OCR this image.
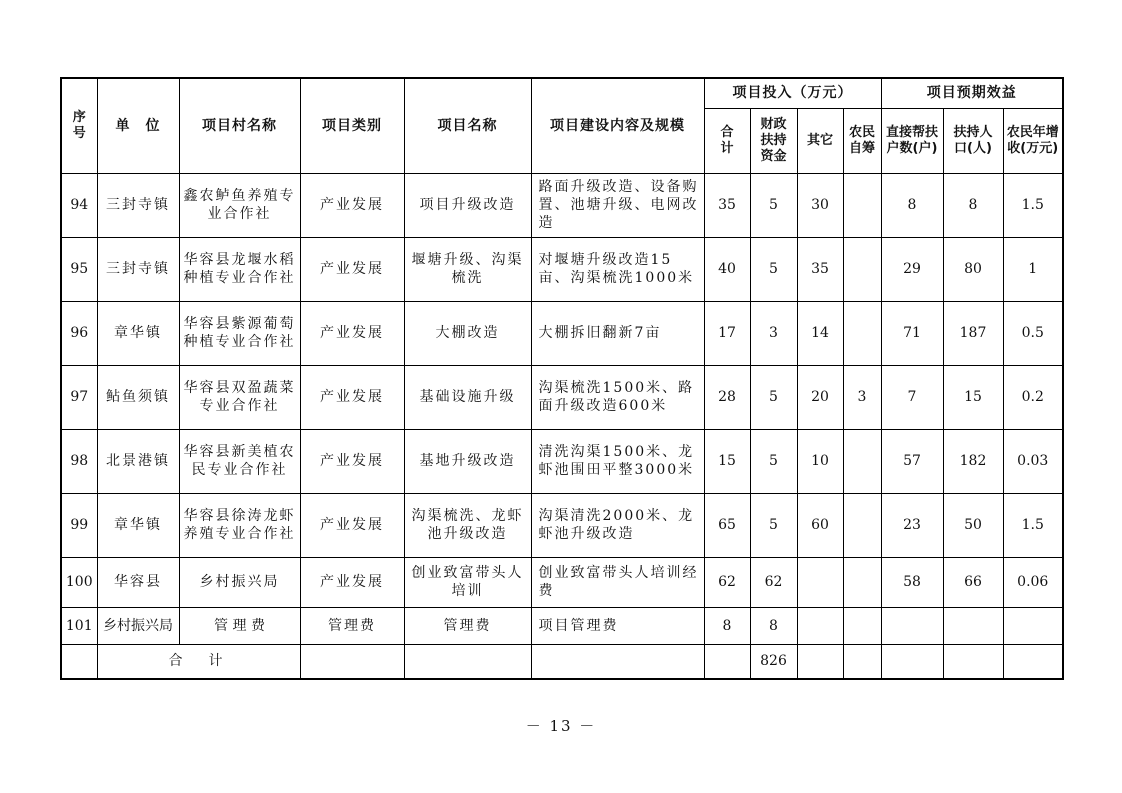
序号	单　位	项目村名称	项目类别	项目名称	项目建设内容及规模	项目投入（万元）				项目预期效益		
						合计	财政扶持资金	其它	农民自筹	直接帮扶户数(户)	扶持人口(人)	农民年增收(万元)
94	三封寺镇	鑫农鲈鱼养殖专业合作社	产业发展	项目升级改造	路面升级改造、设备购置、池塘升级、电网改造	35	5	30		8	8	1.5
95	三封寺镇	华容县龙堰水稻种植专业合作社	产业发展	堰塘升级、沟渠梳洗	对堰塘升级改造15亩、沟渠梳洗1000米	40	5	35		29	80	1
96	章华镇	华容县紫源葡萄种植专业合作社	产业发展	大棚改造	大棚拆旧翻新7亩	17	3	14		71	187	0.5
97	鲇鱼须镇	华容县双盈蔬菜专业合作社	产业发展	基础设施升级	沟渠梳洗1500米、路面升级改造600米	28	5	20	3	7	15	0.2
98	北景港镇	华容县新美植农民专业合作社	产业发展	基地升级改造	清洗沟渠1500米、龙虾池围田平整3000米	15	5	10		57	182	0.03
99	章华镇	华容县徐涛龙虾养殖专业合作社	产业发展	沟渠梳洗、龙虾池升级改造	沟渠清洗2000米、龙虾池升级改造	65	5	60		23	50	1.5
100	华容县	乡村振兴局	产业发展	创业致富带头人培训	创业致富带头人培训经费	62	62			58	66	0.06
101	乡村振兴局	管 理 费	管理费	管理费	项目管理费	8	8					
	合　计						826					
－ 13 －
